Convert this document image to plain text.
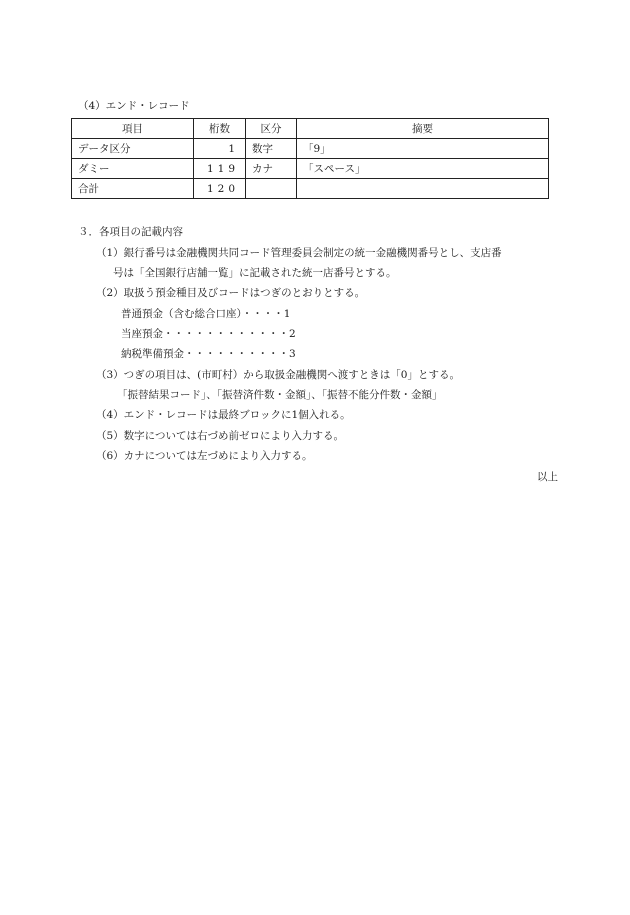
（4）エンド・レコード
項目	桁数	区分	摘要
データ区分	1	数字	「9」
ダミー	119	カナ	「スペース」
合計	120		
３．各項目の記載内容
（1）銀行番号は金融機関共同コード管理委員会制定の統一金融機関番号とし、支店番
号は「全国銀行店舗一覧」に記載された統一店番号とする。
（2）取扱う預金種目及びコードはつぎのとおりとする。
普通預金（含む総合口座）・・・・1
当座預金・・・・・・・・・・・・2
納税準備預金・・・・・・・・・・3
（3）つぎの項目は、(市町村）から取扱金融機関へ渡すときは「0」とする。
「振替結果コード」、「振替済件数・金額」、「振替不能分件数・金額」
（4）エンド・レコードは最終ブロックに1個入れる。
（5）数字については右づめ前ゼロにより入力する。
（6）カナについては左づめにより入力する。
以上
